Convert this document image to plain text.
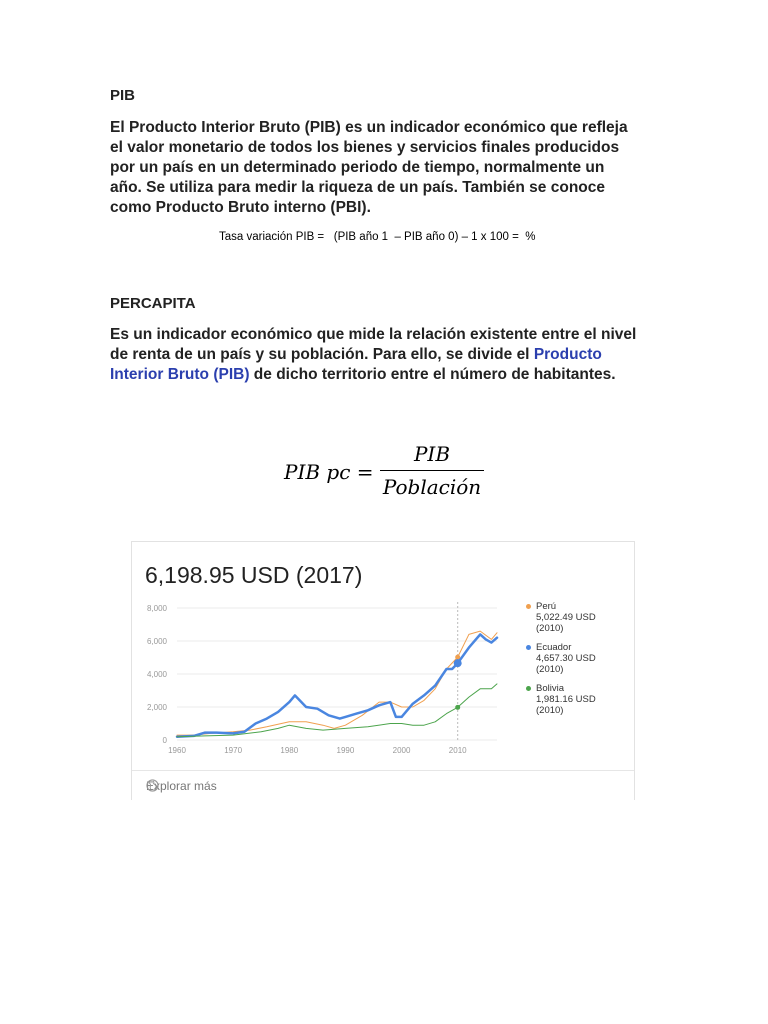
PIB
El Producto Interior Bruto (PIB) es un indicador económico que refleja
el valor monetario de todos los bienes y servicios finales producidos
por un país en un determinado periodo de tiempo, normalmente un
año. Se utiliza para medir la riqueza de un país. También se conoce
como Producto Bruto interno (PBI).
Tasa variación PIB =   (PIB año 1  – PIB año 0) – 1 x 100 =  %
PERCAPITA
Es un indicador económico que mide la relación existente entre el nivel
de renta de un país y su población. Para ello, se divide el Producto
Interior Bruto (PIB) de dicho territorio entre el número de habitantes.
PIB pc =
PIB
Población
6,198.95 USD (2017)
0
2,000
4,000
6,000
8,000
1960	1970	1980	1990	2000	2010
Perú
5,022.49 USD
(2010)
Ecuador
4,657.30 USD
(2010)
Bolivia
1,981.16 USD
(2010)
Explorar más
